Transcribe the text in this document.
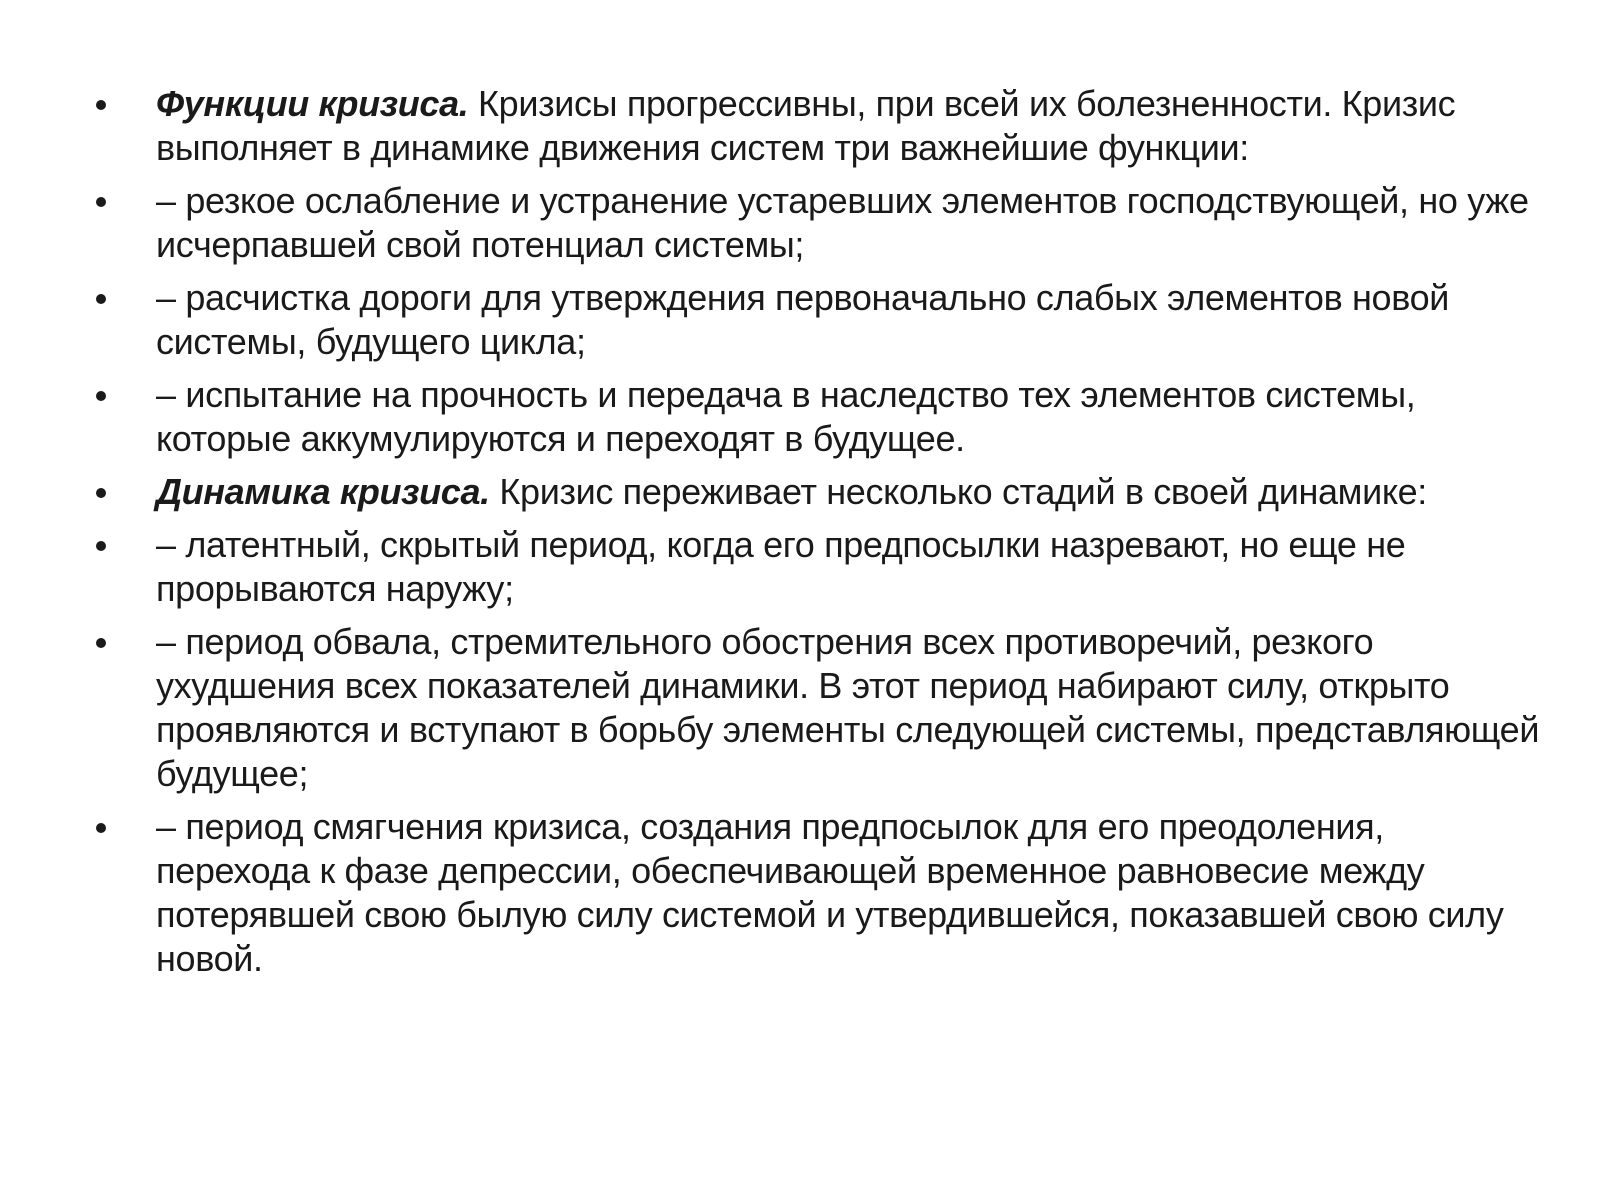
Функции кризиса. Кризисы прогрессивны, при всей их болезненности. Кризис выполняет в динамике движения систем три важнейшие функции:
– резкое ослабление и устранение устаревших элементов господствующей, но уже исчерпавшей свой потенциал системы;
– расчистка дороги для утверждения первоначально слабых элементов новой системы, будущего цикла;
– испытание на прочность и передача в наследство тех элементов системы, которые аккумулируются и переходят в будущее.
Динамика кризиса. Кризис переживает несколько стадий в своей динамике:
– латентный, скрытый период, когда его предпосылки назревают, но еще не прорываются наружу;
– период обвала, стремительного обострения всех противоречий, резкого ухудшения всех показателей динамики. В этот период набирают силу, открыто проявляются и вступают в борьбу элементы следующей системы, представляющей будущее;
– период смягчения кризиса, создания предпосылок для его преодоления, перехода к фазе депрессии, обеспечивающей временное равновесие между потерявшей свою былую силу системой и утвердившейся, показавшей свою силу новой.
